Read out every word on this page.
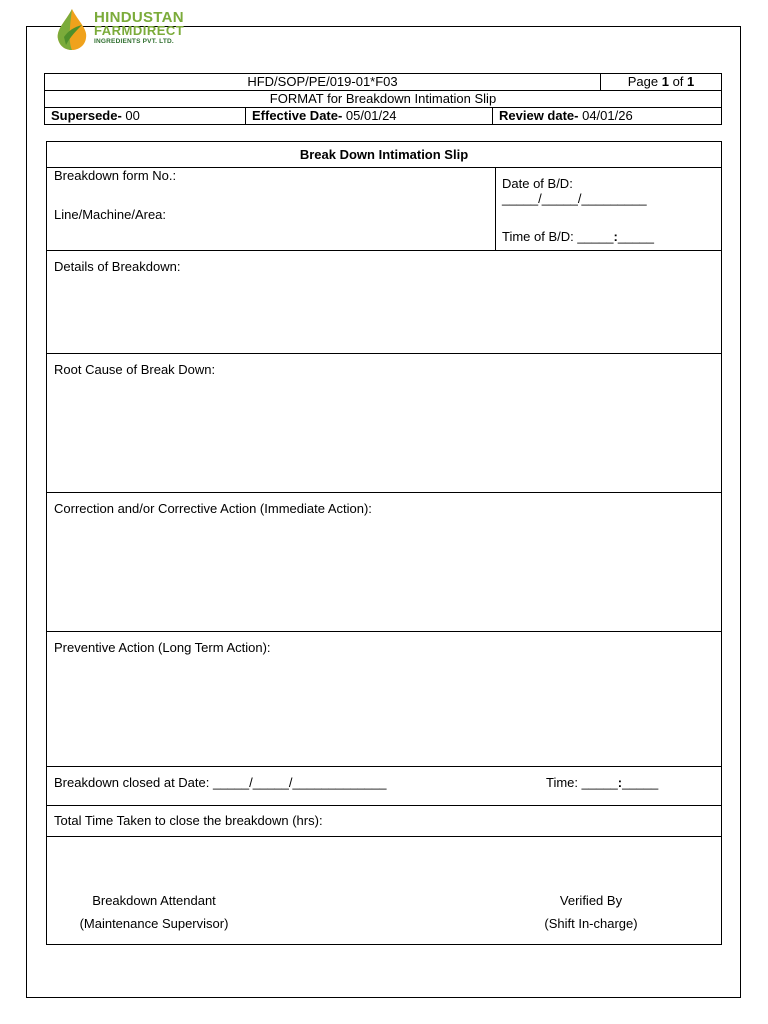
HINDUSTAN
FARMDIRECT
INGREDIENTS PVT. LTD.
HFD/SOP/PE/019-01*F03			Page 1 of 1
FORMAT for Breakdown Intimation Slip			
Supersede- 00	Effective Date- 05/01/24	Review date- 04/01/26	
Break Down Intimation Slip
Breakdown form No.:
Line/Machine/Area:
Date of B/D:
_____/_____/_________
Time of B/D: _____:_____
Details of Breakdown:
Root Cause of Break Down:
Correction and/or Corrective Action (Immediate Action):
Preventive Action (Long Term Action):
Breakdown closed at Date: _____/_____/_____________	Time: _____:_____
Total Time Taken to close the breakdown (hrs):
Breakdown Attendant
(Maintenance Supervisor)
Verified By
(Shift In-charge)
